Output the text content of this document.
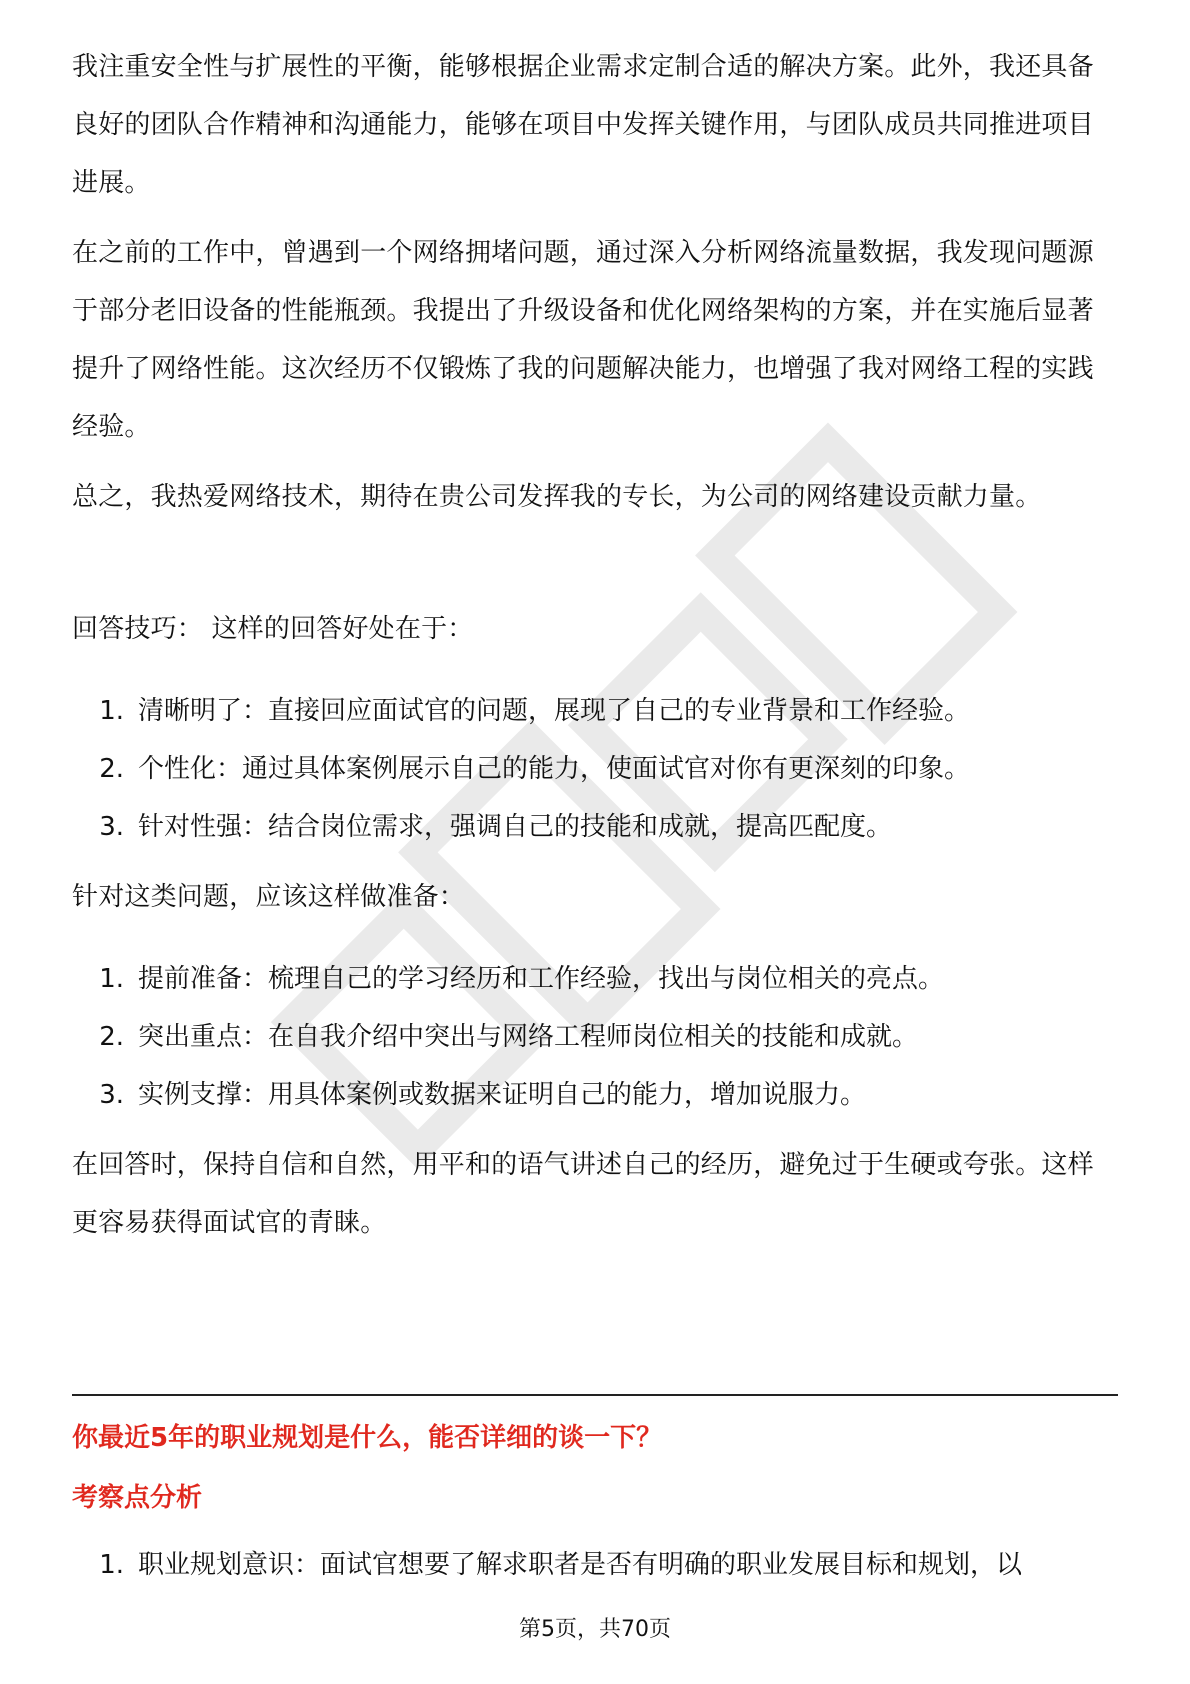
我注重安全性与扩展性的平衡，能够根据企业需求定制合适的解决方案。此外，我还具备良好的团队合作精神和沟通能力，能够在项目中发挥关键作用，与团队成员共同推进项目进展。

在之前的工作中，曾遇到一个网络拥堵问题，通过深入分析网络流量数据，我发现问题源于部分老旧设备的性能瓶颈。我提出了升级设备和优化网络架构的方案，并在实施后显著提升了网络性能。这次经历不仅锻炼了我的问题解决能力，也增强了我对网络工程的实践经验。

总之，我热爱网络技术，期待在贵公司发挥我的专长，为公司的网络建设贡献力量。

回答技巧： 这样的回答好处在于：

1. 清晰明了：直接回应面试官的问题，展现了自己的专业背景和工作经验。
2. 个性化：通过具体案例展示自己的能力，使面试官对你有更深刻的印象。
3. 针对性强：结合岗位需求，强调自己的技能和成就，提高匹配度。

针对这类问题，应该这样做准备：

1. 提前准备：梳理自己的学习经历和工作经验，找出与岗位相关的亮点。
2. 突出重点：在自我介绍中突出与网络工程师岗位相关的技能和成就。
3. 实例支撑：用具体案例或数据来证明自己的能力，增加说服力。

在回答时，保持自信和自然，用平和的语气讲述自己的经历，避免过于生硬或夸张。这样更容易获得面试官的青睐。

你最近5年的职业规划是什么，能否详细的谈一下？
考察点分析
1. 职业规划意识：面试官想要了解求职者是否有明确的职业发展目标和规划，以
第5页，共70页
